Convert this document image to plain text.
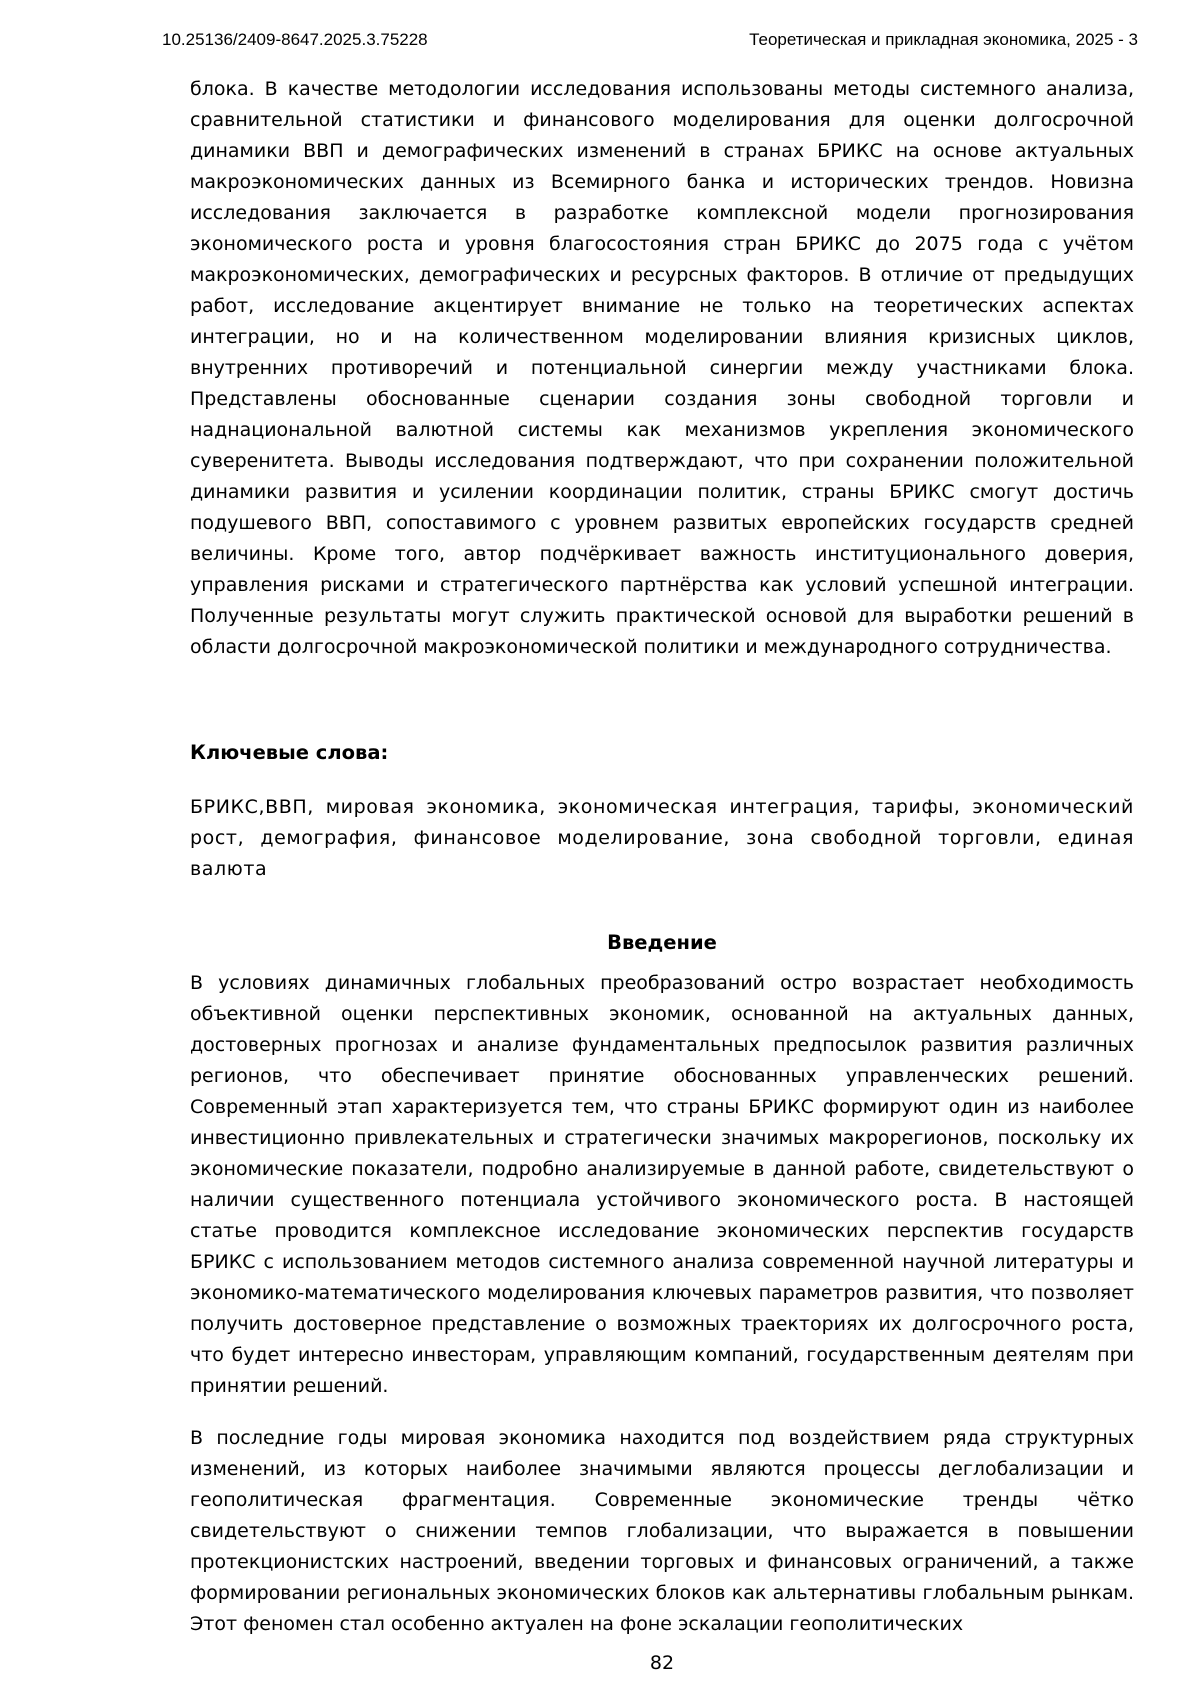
10.25136/2409-8647.2025.3.75228	Теоретическая и прикладная экономика, 2025 - 3

блока. В качестве методологии исследования использованы методы системного анализа, сравнительной статистики и финансового моделирования для оценки долгосрочной динамики ВВП и демографических изменений в странах БРИКС на основе актуальных макроэкономических данных из Всемирного банка и исторических трендов. Новизна исследования заключается в разработке комплексной модели прогнозирования экономического роста и уровня благосостояния стран БРИКС до 2075 года с учётом макроэкономических, демографических и ресурсных факторов. В отличие от предыдущих работ, исследование акцентирует внимание не только на теоретических аспектах интеграции, но и на количественном моделировании влияния кризисных циклов, внутренних противоречий и потенциальной синергии между участниками блока. Представлены обоснованные сценарии создания зоны свободной торговли и наднациональной валютной системы как механизмов укрепления экономического суверенитета. Выводы исследования подтверждают, что при сохранении положительной динамики развития и усилении координации политик, страны БРИКС смогут достичь подушевого ВВП, сопоставимого с уровнем развитых европейских государств средней величины. Кроме того, автор подчёркивает важность институционального доверия, управления рисками и стратегического партнёрства как условий успешной интеграции. Полученные результаты могут служить практической основой для выработки решений в области долгосрочной макроэкономической политики и международного сотрудничества.

Ключевые слова:

БРИКС,ВВП, мировая экономика, экономическая интеграция, тарифы, экономический рост, демография, финансовое моделирование, зона свободной торговли, единая валюта

Введение

В условиях динамичных глобальных преобразований остро возрастает необходимость объективной оценки перспективных экономик, основанной на актуальных данных, достоверных прогнозах и анализе фундаментальных предпосылок развития различных регионов, что обеспечивает принятие обоснованных управленческих решений. Современный этап характеризуется тем, что страны БРИКС формируют один из наиболее инвестиционно привлекательных и стратегически значимых макрорегионов, поскольку их экономические показатели, подробно анализируемые в данной работе, свидетельствуют о наличии существенного потенциала устойчивого экономического роста. В настоящей статье проводится комплексное исследование экономических перспектив государств БРИКС с использованием методов системного анализа современной научной литературы и экономико-математического моделирования ключевых параметров развития, что позволяет получить достоверное представление о возможных траекториях их долгосрочного роста, что будет интересно инвесторам, управляющим компаний, государственным деятелям при принятии решений.

В последние годы мировая экономика находится под воздействием ряда структурных изменений, из которых наиболее значимыми являются процессы деглобализации и геополитическая фрагментация. Современные экономические тренды чётко свидетельствуют о снижении темпов глобализации, что выражается в повышении протекционистских настроений, введении торговых и финансовых ограничений, а также формировании региональных экономических блоков как альтернативы глобальным рынкам. Этот феномен стал особенно актуален на фоне эскалации геополитических

82
